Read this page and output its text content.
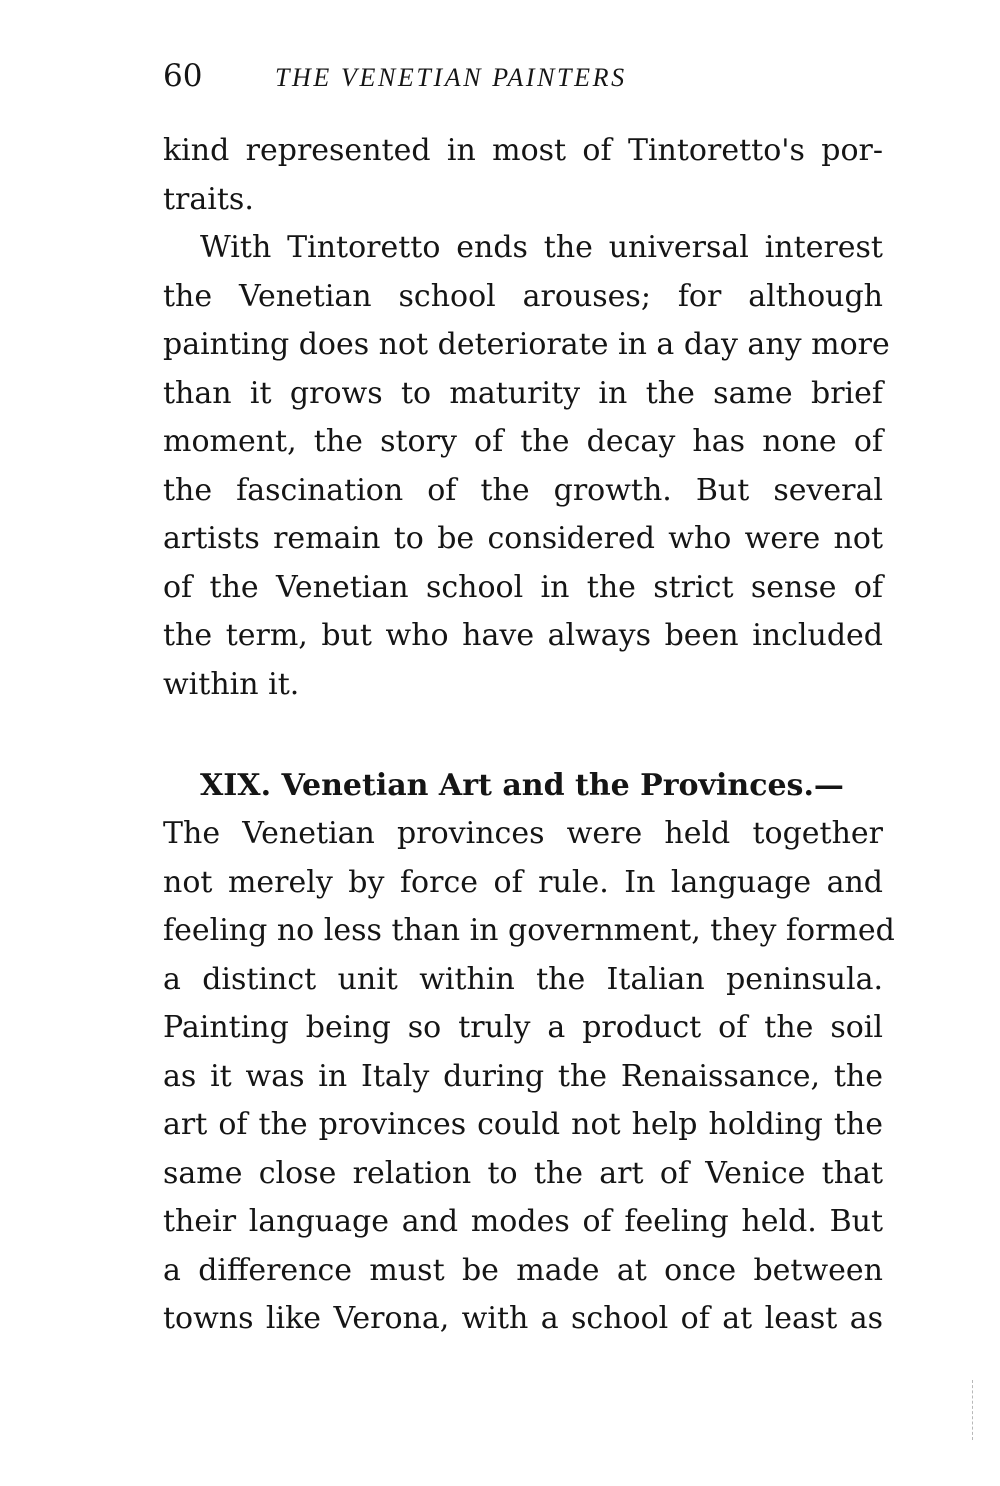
60	THE VENETIAN PAINTERS
kind represented in most of Tintoretto's por-
traits.
With Tintoretto ends the universal interest
the Venetian school arouses; for although
painting does not deteriorate in a day any more
than it grows to maturity in the same brief
moment, the story of the decay has none of
the fascination of the growth. But several
artists remain to be considered who were not
of the Venetian school in the strict sense of
the term, but who have always been included
within it.
XIX. Venetian Art and the Provinces.—
The Venetian provinces were held together
not merely by force of rule. In language and
feeling no less than in government, they formed
a distinct unit within the Italian peninsula.
Painting being so truly a product of the soil
as it was in Italy during the Renaissance, the
art of the provinces could not help holding the
same close relation to the art of Venice that
their language and modes of feeling held. But
a difference must be made at once between
towns like Verona, with a school of at least as
